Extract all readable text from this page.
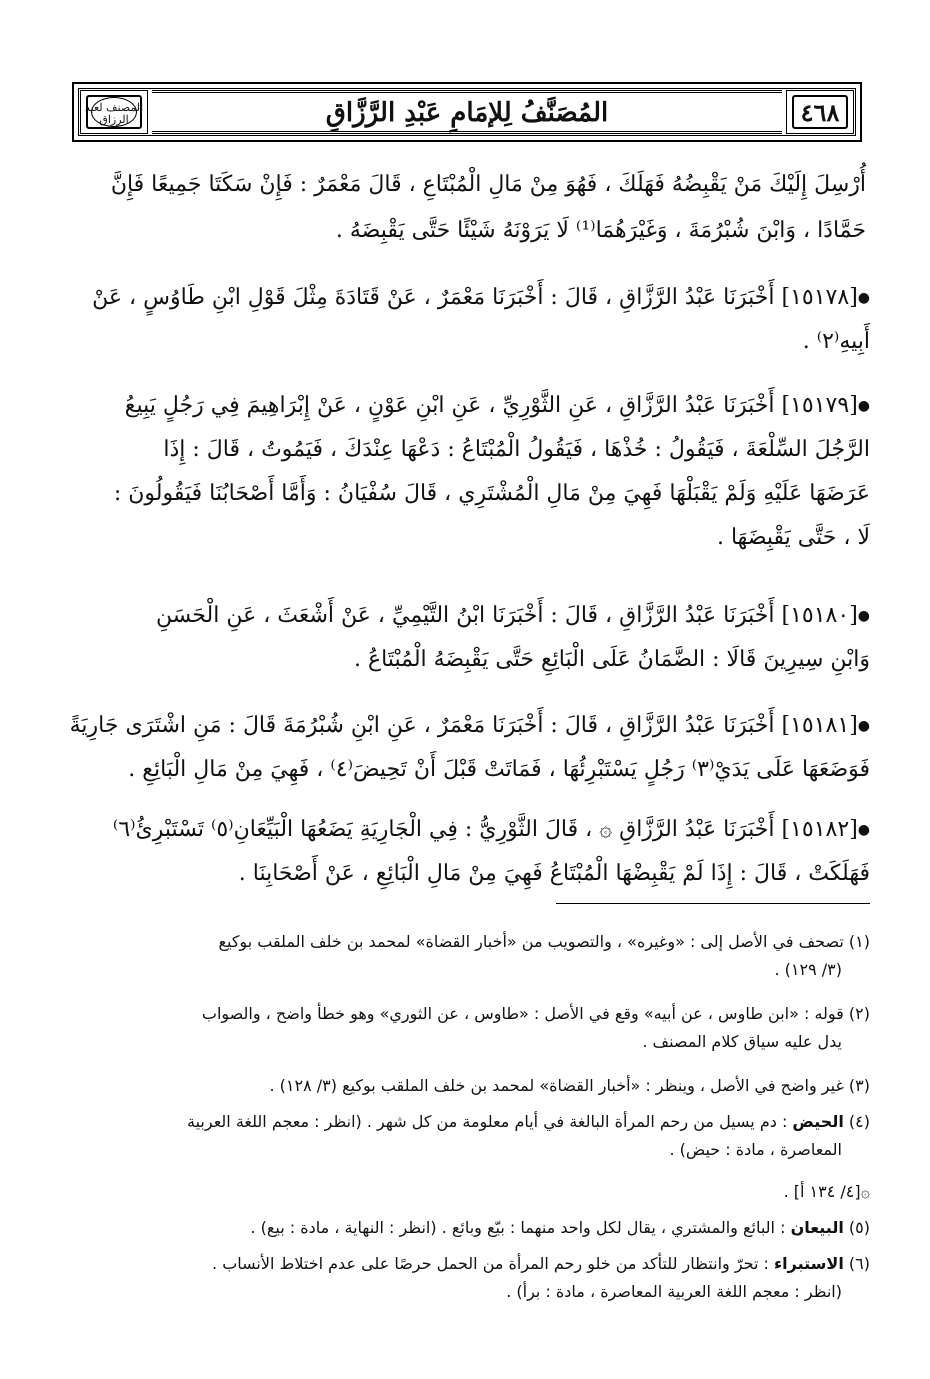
المُصَنَّفُ لِلإمَامِ عَبْدِ الرَّزَّاقِ
المصنف لعبد الرزاق	٤٦٨

أُرْسِلَ إِلَيْكَ مَنْ يَقْبِضُهُ فَهَلَكَ ، فَهُوَ مِنْ مَالِ الْمُبْتَاعِ ، قَالَ مَعْمَرٌ : فَإِنْ سَكَتَا جَمِيعًا فَإِنَّ

حَمَّادًا ، وَابْنَ شُبْرُمَةَ ، وَغَيْرَهُمَا⁽¹⁾ لَا يَرَوْنَهُ شَيْئًا حَتَّى يَقْبِضَهُ .

●[١٥١٧٨] أَخْبَرَنَا عَبْدُ الرَّزَّاقِ ، قَالَ : أَخْبَرَنَا مَعْمَرٌ ، عَنْ قَتَادَةَ مِثْلَ قَوْلِ ابْنِ طَاوُسٍ ، عَنْ
أَبِيهِ⁽٢⁾ .
●[١٥١٧٩] أَخْبَرَنَا عَبْدُ الرَّزَّاقِ ، عَنِ الثَّوْرِيِّ ، عَنِ ابْنِ عَوْنٍ ، عَنْ إِبْرَاهِيمَ فِي رَجُلٍ يَبِيعُ
الرَّجُلَ السِّلْعَةَ ، فَيَقُولُ : خُذْهَا ، فَيَقُولُ الْمُبْتَاعُ : دَعْهَا عِنْدَكَ ، فَيَمُوتُ ، قَالَ : إِذَا
عَرَضَهَا عَلَيْهِ وَلَمْ يَقْبَلْهَا فَهِيَ مِنْ مَالِ الْمُشْتَرِي ، قَالَ سُفْيَانُ : وَأَمَّا أَصْحَابُنَا فَيَقُولُونَ :
لَا ، حَتَّى يَقْبِضَهَا .
●[١٥١٨٠] أَخْبَرَنَا عَبْدُ الرَّزَّاقِ ، قَالَ : أَخْبَرَنَا ابْنُ التَّيْمِيِّ ، عَنْ أَشْعَثَ ، عَنِ الْحَسَنِ
وَابْنِ سِيرِينَ قَالَا : الضَّمَانُ عَلَى الْبَائِعِ حَتَّى يَقْبِضَهُ الْمُبْتَاعُ .
●[١٥١٨١] أَخْبَرَنَا عَبْدُ الرَّزَّاقِ ، قَالَ : أَخْبَرَنَا مَعْمَرٌ ، عَنِ ابْنِ شُبْرُمَةَ قَالَ : مَنِ اشْتَرَى جَارِيَةً
فَوَضَعَهَا عَلَى يَدَيْ⁽٣⁾ رَجُلٍ يَسْتَبْرِئُهَا ، فَمَاتَتْ قَبْلَ أَنْ تَحِيضَ⁽٤⁾ ، فَهِيَ مِنْ مَالِ الْبَائِعِ .
●[١٥١٨٢] أَخْبَرَنَا عَبْدُ الرَّزَّاقِ ۞ ، قَالَ الثَّوْرِيُّ : فِي الْجَارِيَةِ يَضَعُهَا الْبَيِّعَانِ⁽٥⁾ تَسْتَبْرِئُ⁽٦⁾
فَهَلَكَتْ ، قَالَ : إِذَا لَمْ يَقْبِضْهَا الْمُبْتَاعُ فَهِيَ مِنْ مَالِ الْبَائِعِ ، عَنْ أَصْحَابِنَا .
(١) تصحف في الأصل إلى : «وغيره» ، والتصويب من «أخبار القضاة» لمحمد بن خلف الملقب بوكيع
(٣/ ١٢٩) .
(٢) قوله : «ابن طاوس ، عن أبيه» وقع في الأصل : «طاوس ، عن الثوري» وهو خطأ واضح ، والصواب
يدل عليه سياق كلام المصنف .
(٣) غير واضح في الأصل ، وينظر : «أخبار القضاة» لمحمد بن خلف الملقب بوكيع (٣/ ١٢٨) .
(٤) الحيض : دم يسيل من رحم المرأة البالغة في أيام معلومة من كل شهر . (انظر : معجم اللغة العربية
المعاصرة ، مادة : حيض) .
۞[٤/ ١٣٤ أ] .
(٥) البيعان : البائع والمشتري ، يقال لكل واحد منهما : بيّع وبائع . (انظر : النهاية ، مادة : بيع) .
(٦) الاستبراء : تحرّ وانتظار للتأكد من خلو رحم المرأة من الحمل حرصًا على عدم اختلاط الأنساب .
(انظر : معجم اللغة العربية المعاصرة ، مادة : برأ) .
